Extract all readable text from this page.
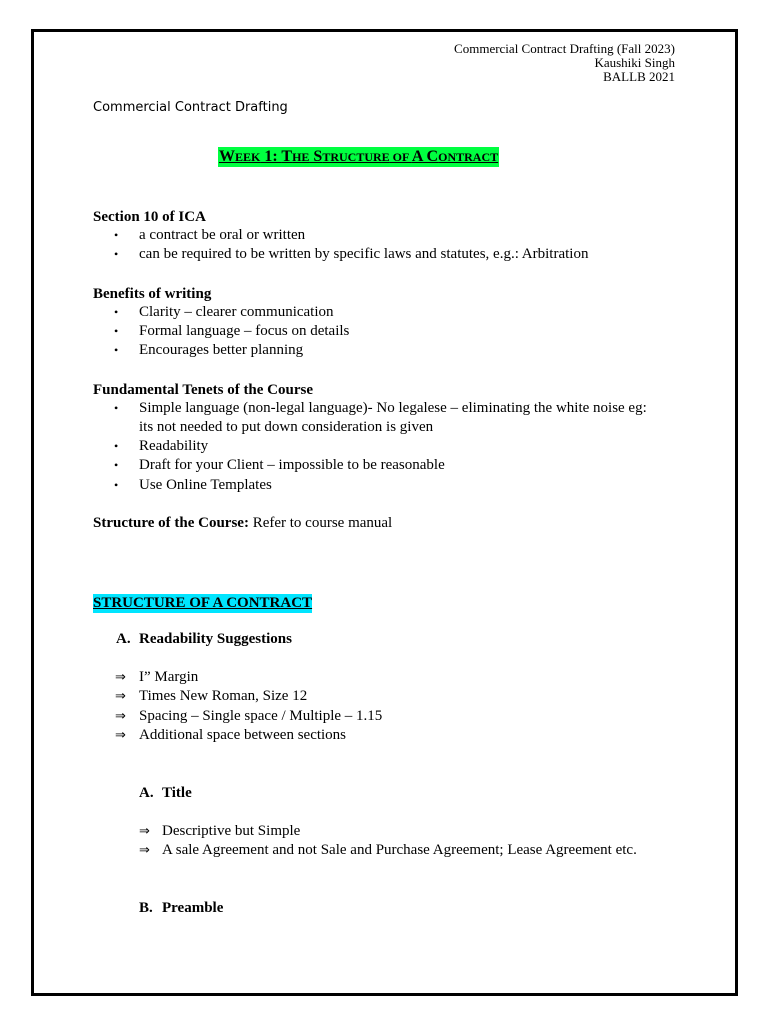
Commercial Contract Drafting (Fall 2023)
Kaushiki Singh
BALLB 2021
Commercial Contract Drafting
WEEK 1: THE STRUCTURE OF A CONTRACT
Section 10 of ICA
• a contract be oral or written
• can be required to be written by specific laws and statutes, e.g.: Arbitration
Benefits of writing
• Clarity – clearer communication
• Formal language – focus on details
• Encourages better planning
Fundamental Tenets of the Course
• Simple language (non-legal language)- No legalese – eliminating the white noise eg:
its not needed to put down consideration is given
• Readability
• Draft for your Client – impossible to be reasonable
• Use Online Templates
Structure of the Course: Refer to course manual
STRUCTURE OF A CONTRACT
A. Readability Suggestions
⇒ I” Margin
⇒ Times New Roman, Size 12
⇒ Spacing – Single space / Multiple – 1.15
⇒ Additional space between sections
A. Title
⇒ Descriptive but Simple
⇒ A sale Agreement and not Sale and Purchase Agreement; Lease Agreement etc.
B. Preamble
